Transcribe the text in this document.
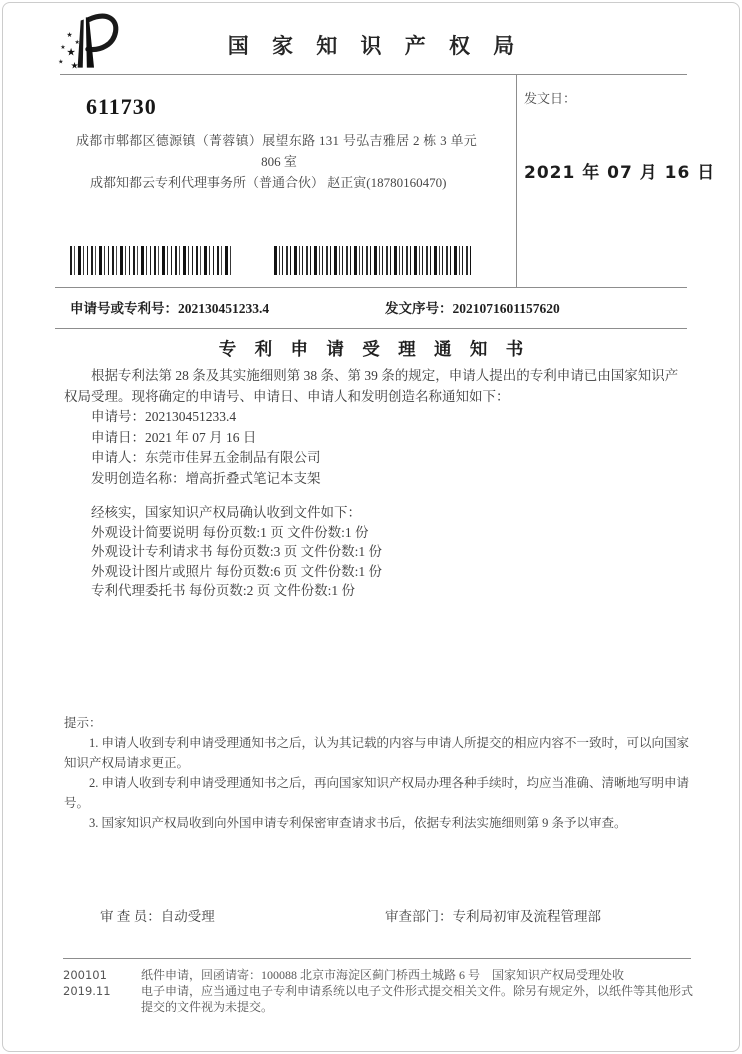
★
★
★ ★
★ ★
国 家 知 识 产 权 局
发文日：
2021 年 07 月 16 日
611730
成都市郫都区德源镇（菁蓉镇）展望东路 131 号弘吉雅居 2 栋 3 单元
806 室
成都知都云专利代理事务所（普通合伙） 赵正寅(18780160470)
申请号或专利号：202130451233.4	发文序号：2021071601157620
专 利 申 请 受 理 通 知 书
根据专利法第 28 条及其实施细则第 38 条、第 39 条的规定，申请人提出的专利申请已由国家知识产权局受理。现将确定的申请号、申请日、申请人和发明创造名称通知如下：
申请号：202130451233.4
申请日：2021 年 07 月 16 日
申请人：东莞市佳昇五金制品有限公司
发明创造名称：增高折叠式笔记本支架
经核实，国家知识产权局确认收到文件如下：
外观设计简要说明 每份页数:1 页 文件份数:1 份
外观设计专利请求书 每份页数:3 页 文件份数:1 份
外观设计图片或照片 每份页数:6 页 文件份数:1 份
专利代理委托书 每份页数:2 页 文件份数:1 份
提示：
1. 申请人收到专利申请受理通知书之后，认为其记载的内容与申请人所提交的相应内容不一致时，可以向国家知识产权局请求更正。
2. 申请人收到专利申请受理通知书之后，再向国家知识产权局办理各种手续时，均应当准确、清晰地写明申请号。
3. 国家知识产权局收到向外国申请专利保密审查请求书后，依据专利法实施细则第 9 条予以审查。
审 查 员：自动受理	审查部门：专利局初审及流程管理部
200101
2019.11
纸件申请，回函请寄：100088 北京市海淀区蓟门桥西土城路 6 号　国家知识产权局受理处收
电子申请，应当通过电子专利申请系统以电子文件形式提交相关文件。除另有规定外，以纸件等其他形式提交的文件视为未提交。
